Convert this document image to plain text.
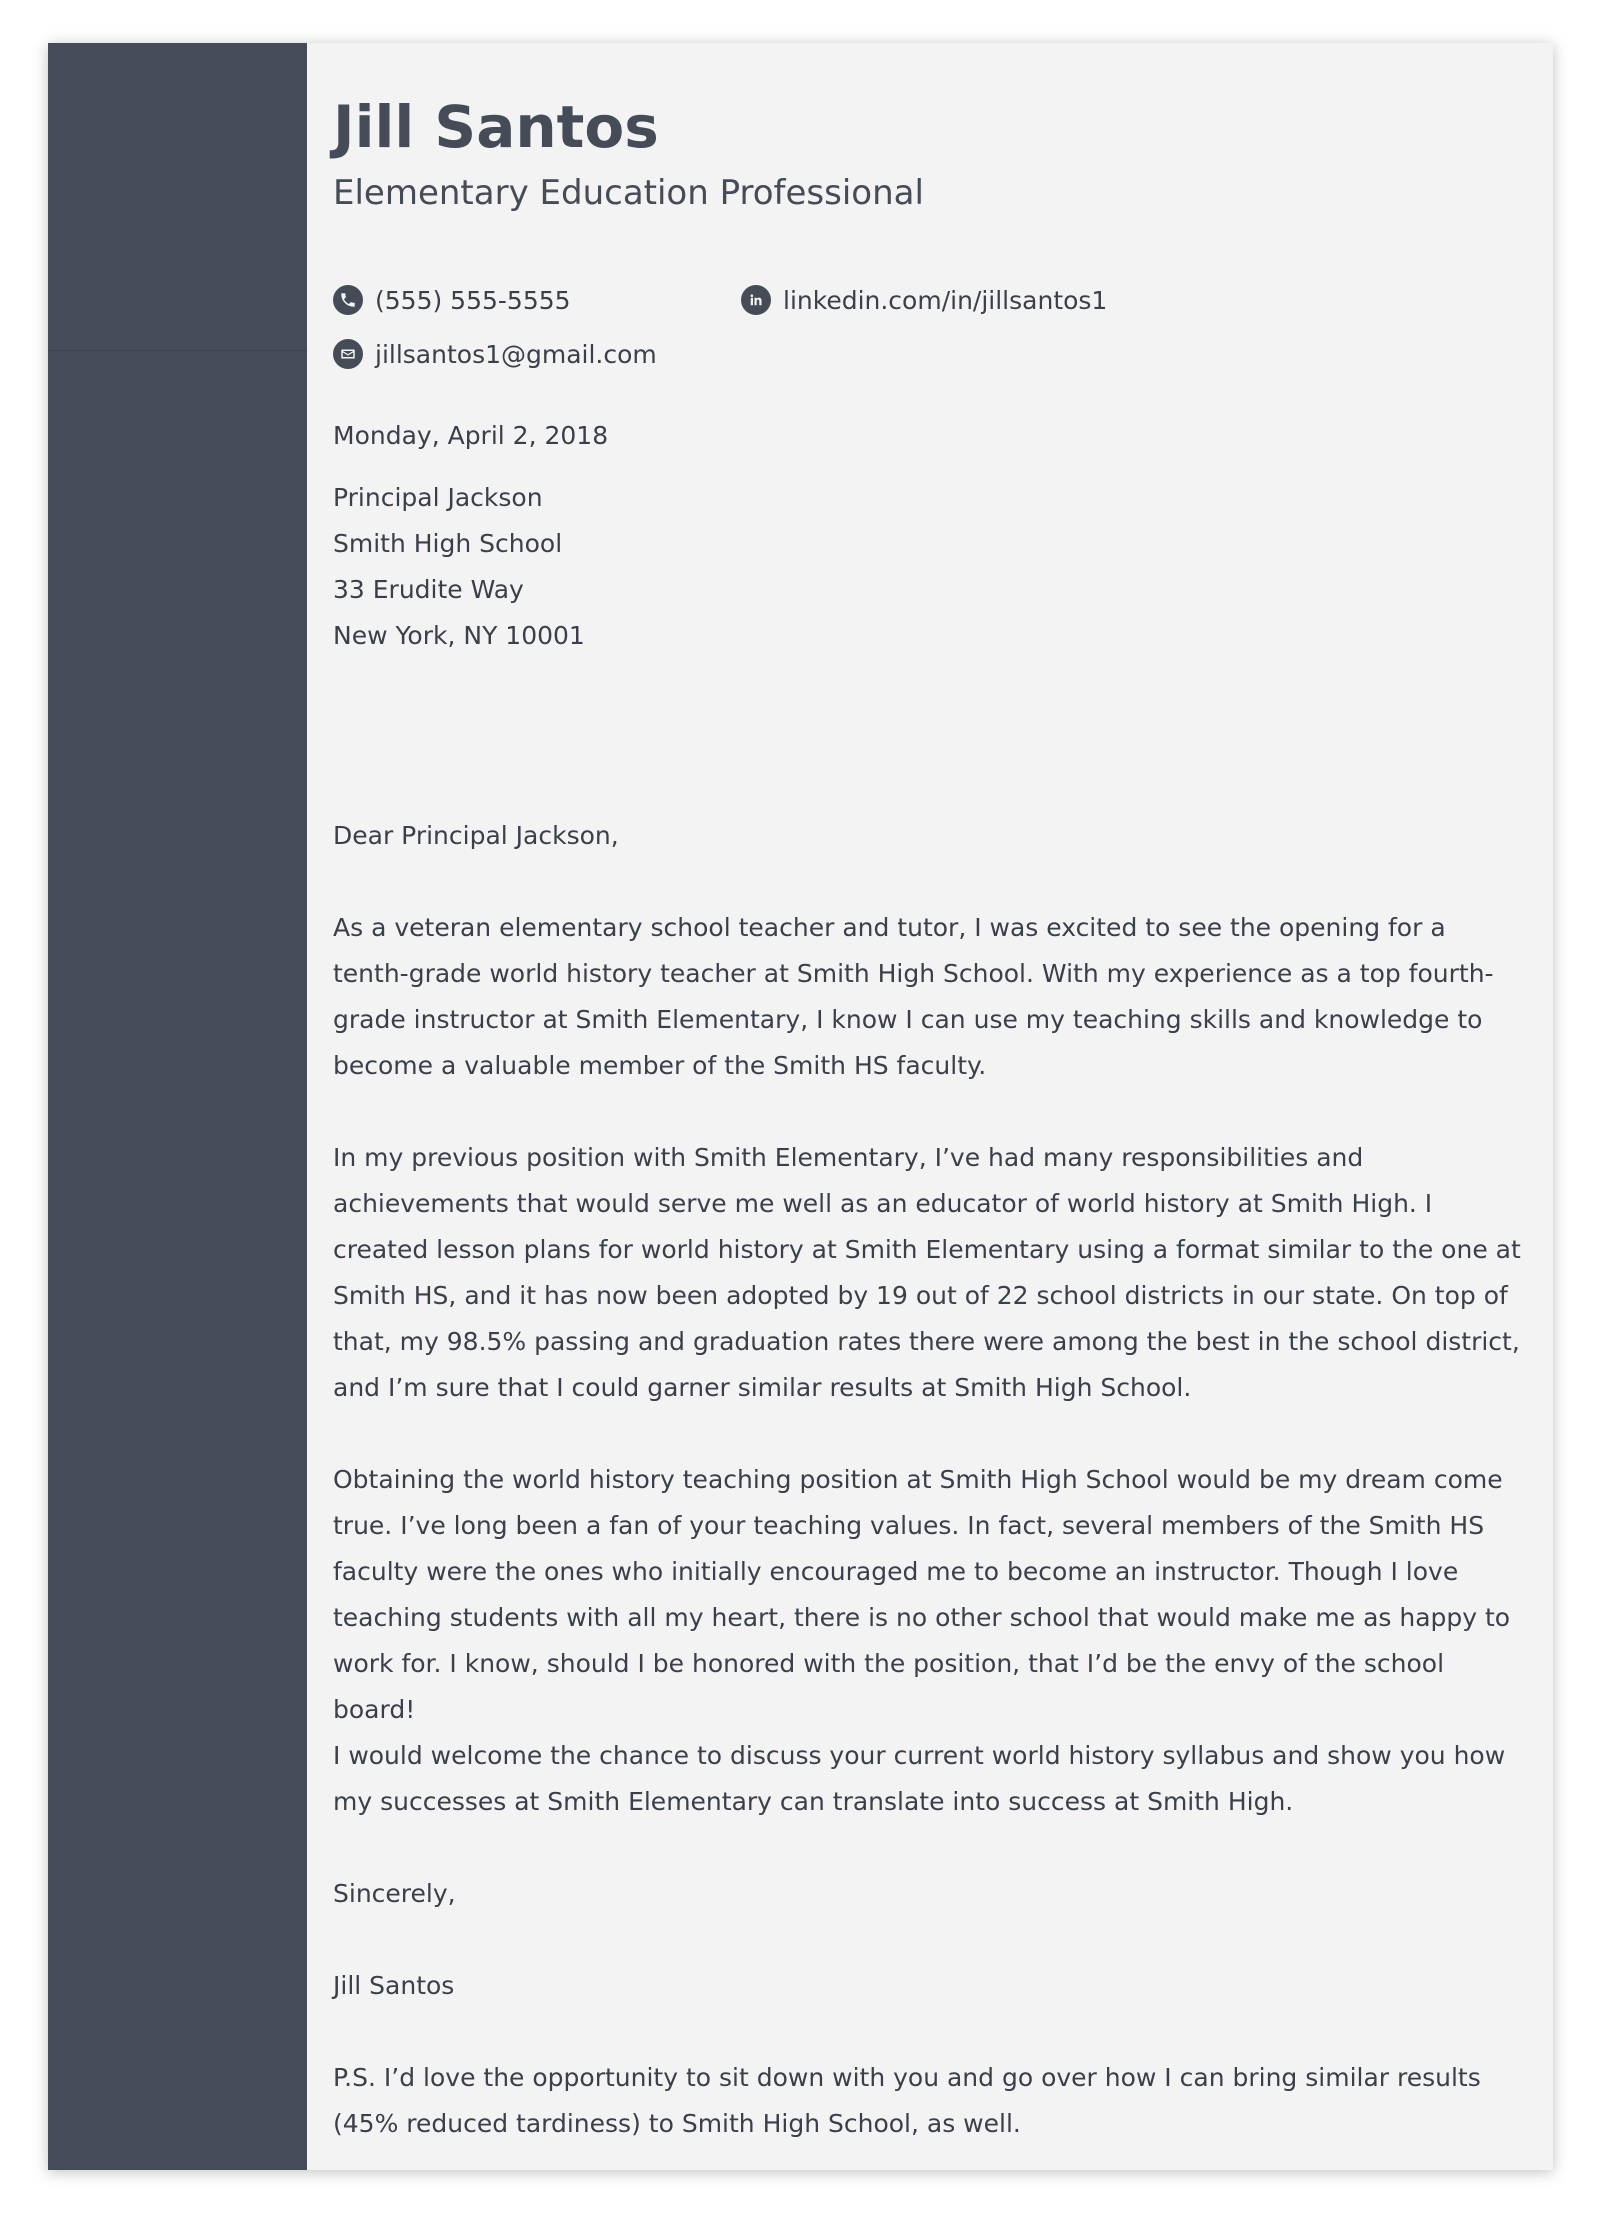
Jill Santos
Elementary Education Professional
(555) 555-5555	linkedin.com/in/jillsantos1
jillsantos1@gmail.com
Monday, April 2, 2018
Principal Jackson
Smith High School
33 Erudite Way
New York, NY 10001
Dear Principal Jackson,

As a veteran elementary school teacher and tutor, I was excited to see the opening for a tenth-grade world history teacher at Smith High School. With my experience as a top fourth-grade instructor at Smith Elementary, I know I can use my teaching skills and knowledge to become a valuable member of the Smith HS faculty.

In my previous position with Smith Elementary, I’ve had many responsibilities and achievements that would serve me well as an educator of world history at Smith High. I created lesson plans for world history at Smith Elementary using a format similar to the one at Smith HS, and it has now been adopted by 19 out of 22 school districts in our state. On top of that, my 98.5% passing and graduation rates there were among the best in the school district, and I’m sure that I could garner similar results at Smith High School.

Obtaining the world history teaching position at Smith High School would be my dream come true. I’ve long been a fan of your teaching values. In fact, several members of the Smith HS faculty were the ones who initially encouraged me to become an instructor. Though I love teaching students with all my heart, there is no other school that would make me as happy to work for. I know, should I be honored with the position, that I’d be the envy of the school board!

I would welcome the chance to discuss your current world history syllabus and show you how my successes at Smith Elementary can translate into success at Smith High.

Sincerely,
Jill Santos

P.S. I’d love the opportunity to sit down with you and go over how I can bring similar results (45% reduced tardiness) to Smith High School, as well.
